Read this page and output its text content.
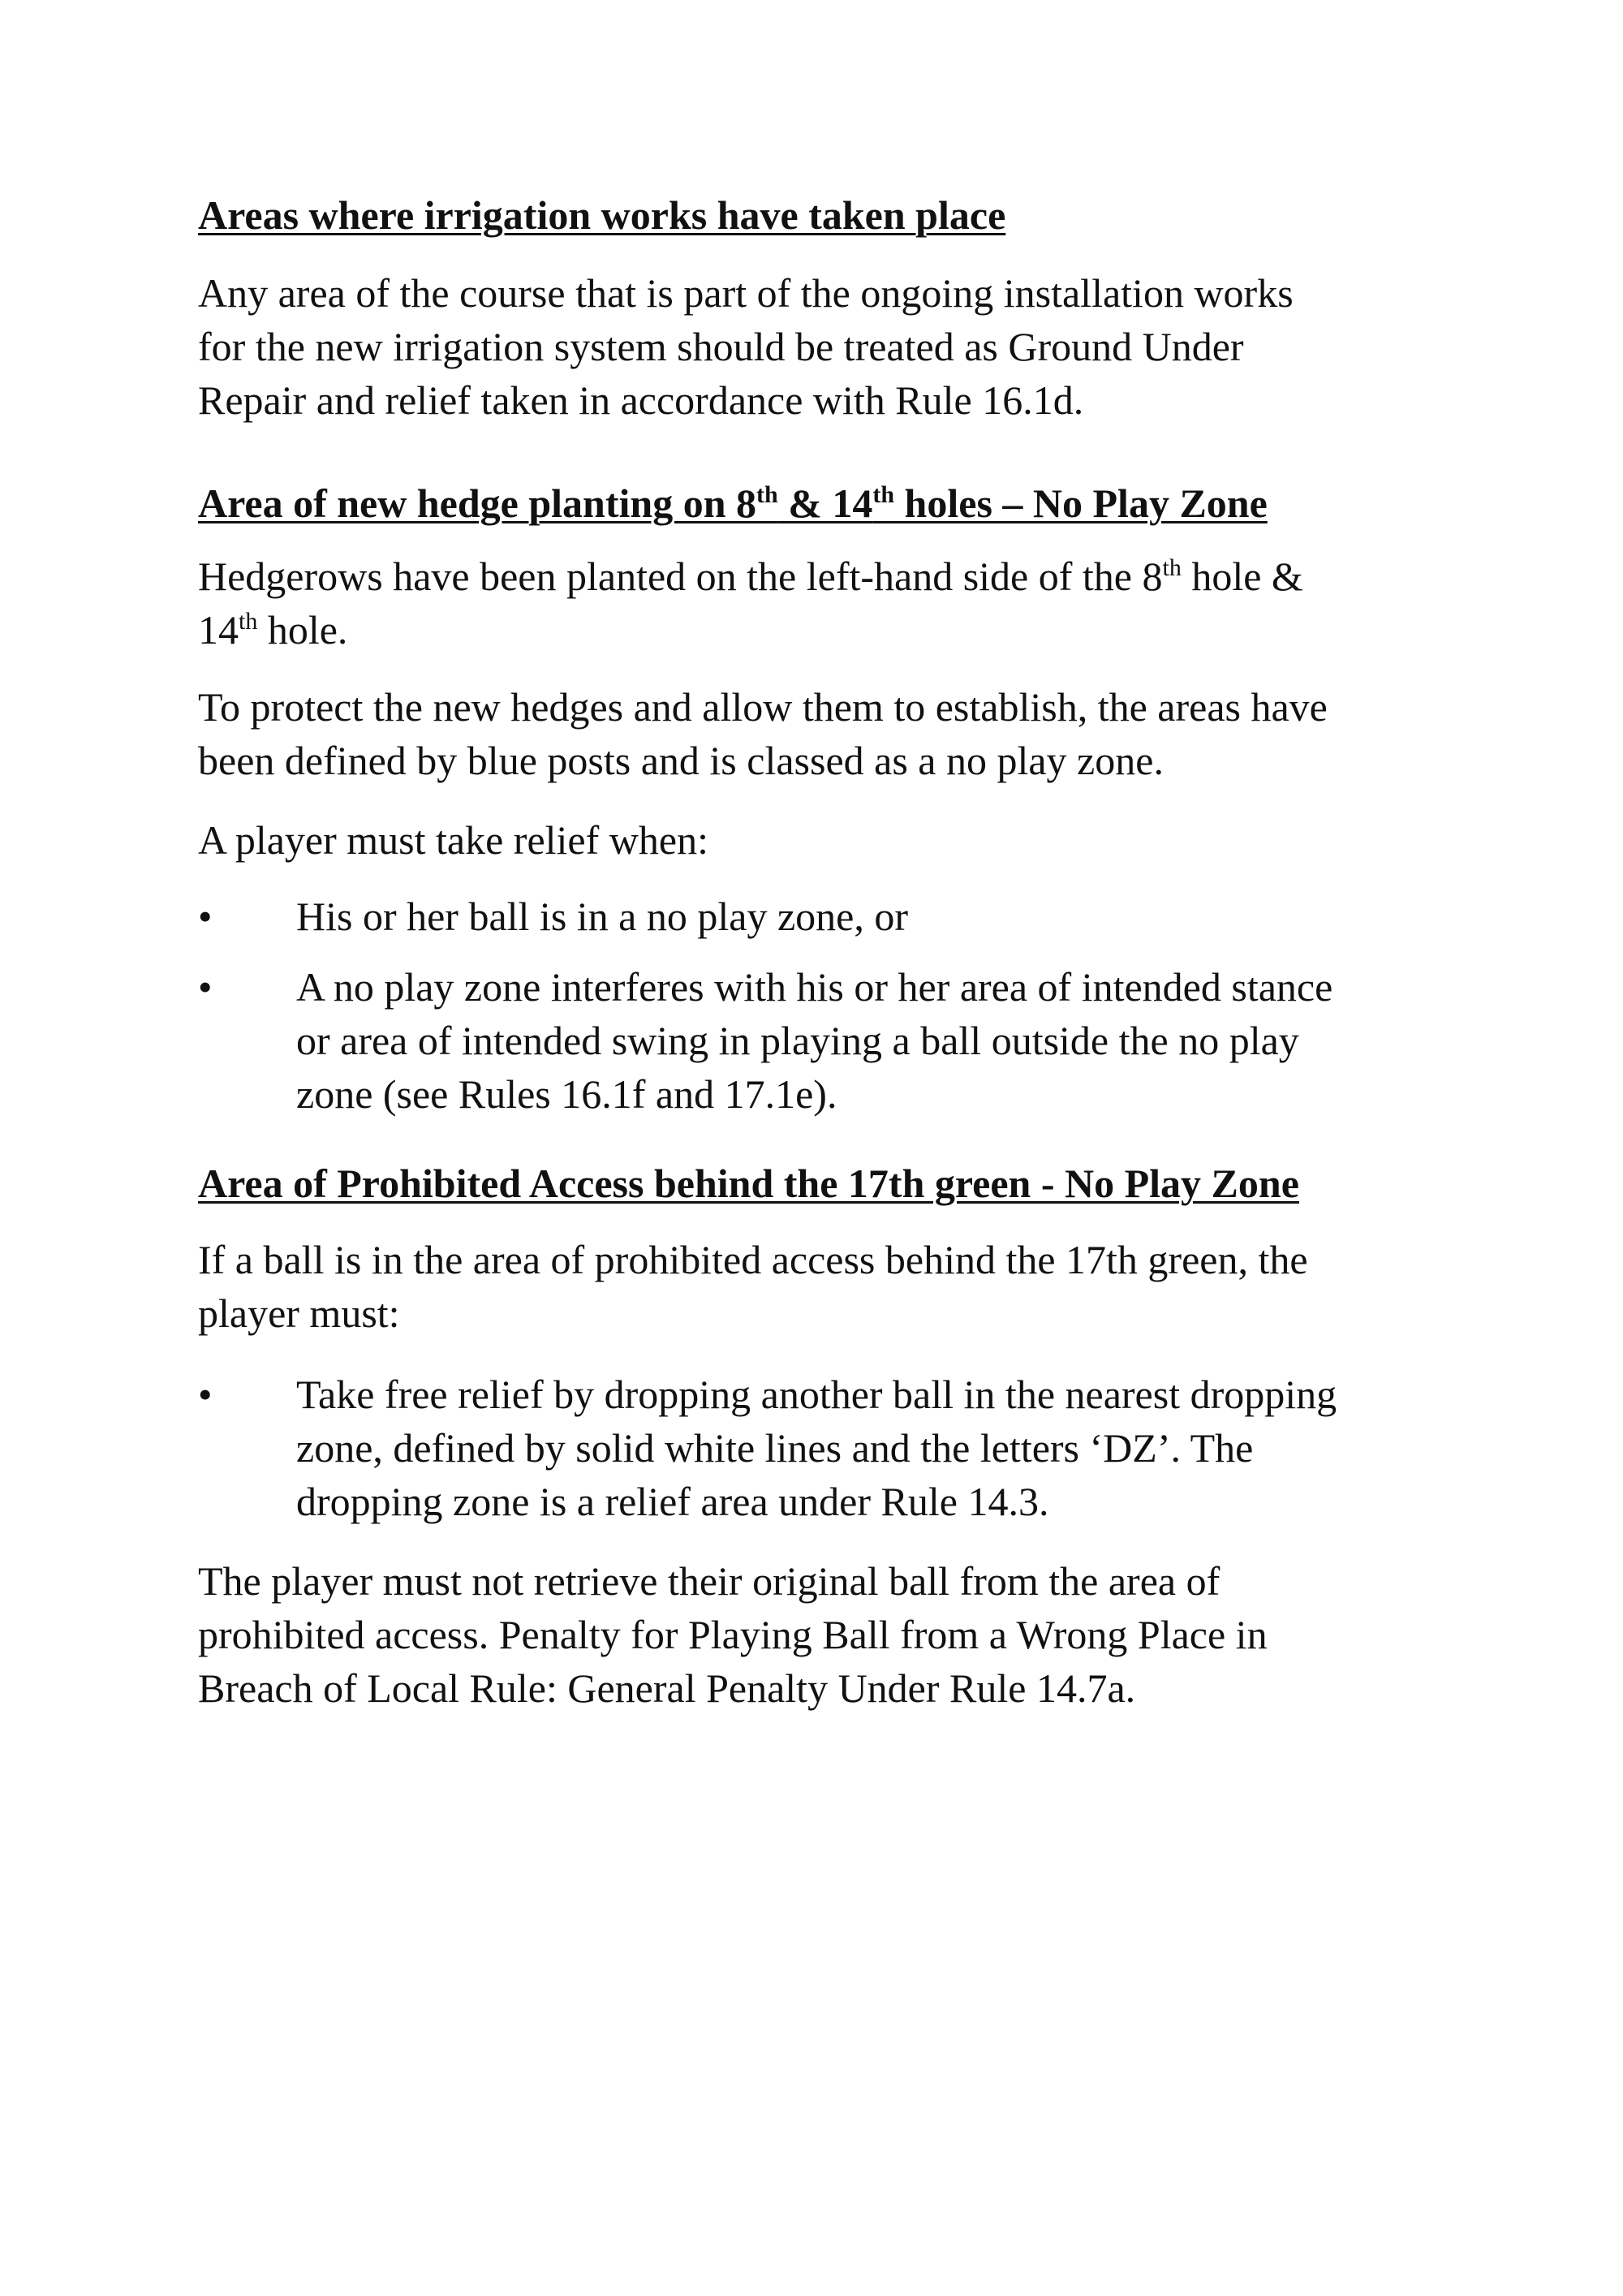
Areas where irrigation works have taken place
Any area of the course that is part of the ongoing installation works
for the new irrigation system should be treated as Ground Under
Repair and relief taken in accordance with Rule 16.1d.
Area of new hedge planting on 8th & 14th holes – No Play Zone
Hedgerows have been planted on the left-hand side of the 8th hole &
14th hole.
To protect the new hedges and allow them to establish, the areas have
been defined by blue posts and is classed as a no play zone.
A player must take relief when:
• His or her ball is in a no play zone, or
• A no play zone interferes with his or her area of intended stance
or area of intended swing in playing a ball outside the no play
zone (see Rules 16.1f and 17.1e).
Area of Prohibited Access behind the 17th green - No Play Zone
If a ball is in the area of prohibited access behind the 17th green, the
player must:
• Take free relief by dropping another ball in the nearest dropping
zone, defined by solid white lines and the letters ‘DZ’. The
dropping zone is a relief area under Rule 14.3.
The player must not retrieve their original ball from the area of
prohibited access. Penalty for Playing Ball from a Wrong Place in
Breach of Local Rule: General Penalty Under Rule 14.7a.
